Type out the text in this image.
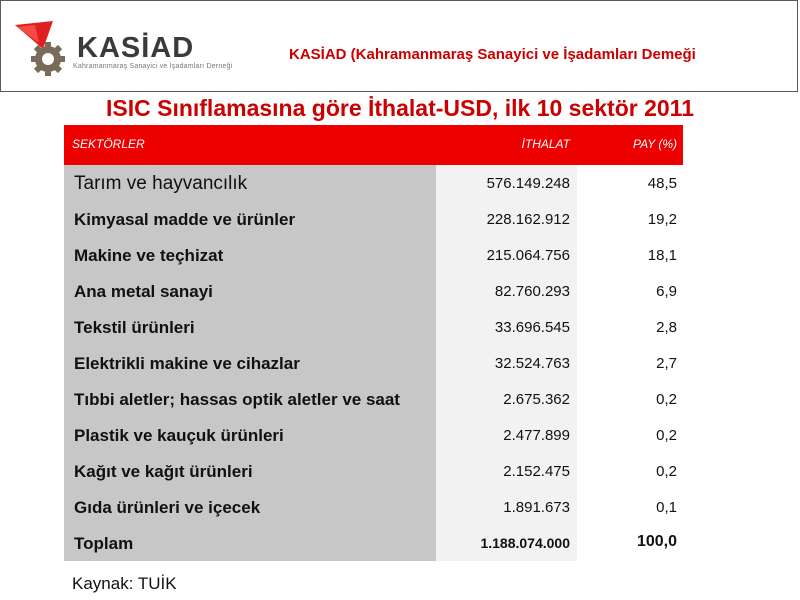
KASİAD
Kahramanmaraş Sanayici ve İşadamları Derneği
KASİAD (Kahramanmaraş Sanayici ve İşadamları Demeği
ISIC Sınıflamasına göre İthalat-USD, ilk 10 sektör 2011
SEKTÖRLER	İTHALAT	PAY (%)
Tarım ve hayvancılık	576.149.248	48,5
Kimyasal madde ve ürünler	228.162.912	19,2
Makine ve teçhizat	215.064.756	18,1
Ana metal sanayi	82.760.293	6,9
Tekstil ürünleri	33.696.545	2,8
Elektrikli makine ve cihazlar	32.524.763	2,7
Tıbbi aletler; hassas optik aletler ve saat	2.675.362	0,2
Plastik ve kauçuk ürünleri	2.477.899	0,2
Kağıt ve kağıt ürünleri	2.152.475	0,2
Gıda ürünleri ve içecek	1.891.673	0,1
Toplam	1.188.074.000	100,0
Kaynak: TUİK
